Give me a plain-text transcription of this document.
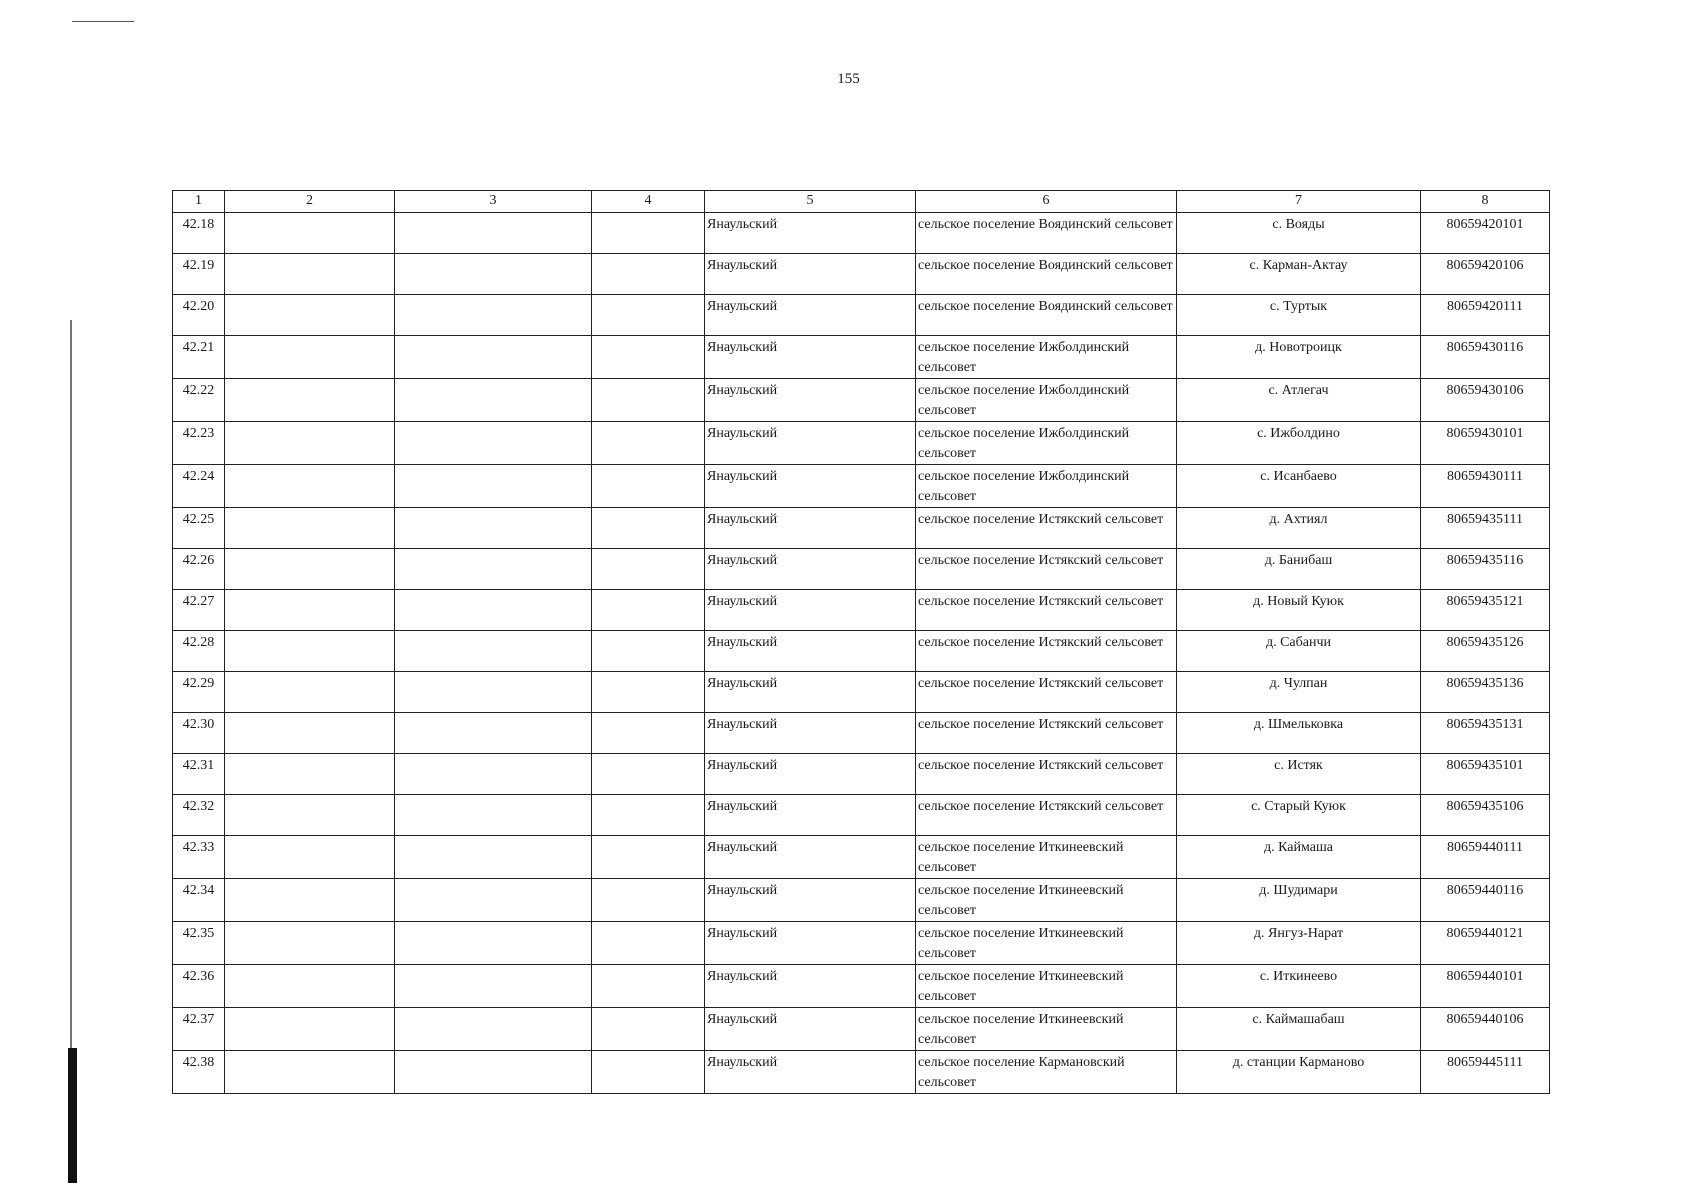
155
1	2	3	4	5	6	7	8

42.18				Янаульский	сельское поселение Воядинский сельсовет	с. Вояды	80659420101

42.19				Янаульский	сельское поселение Воядинский сельсовет	с. Карман-Актау	80659420106

42.20				Янаульский	сельское поселение Воядинский сельсовет	с. Туртык	80659420111

42.21				Янаульский	сельское поселение Ижболдинский сельсовет	д. Новотроицк	80659430116

42.22				Янаульский	сельское поселение Ижболдинский сельсовет	с. Атлегач	80659430106

42.23				Янаульский	сельское поселение Ижболдинский сельсовет	с. Ижболдино	80659430101

42.24				Янаульский	сельское поселение Ижболдинский сельсовет	с. Исанбаево	80659430111

42.25				Янаульский	сельское поселение Истякский сельсовет	д. Ахтиял	80659435111

42.26				Янаульский	сельское поселение Истякский сельсовет	д. Банибаш	80659435116

42.27				Янаульский	сельское поселение Истякский сельсовет	д. Новый Куюк	80659435121

42.28				Янаульский	сельское поселение Истякский сельсовет	д. Сабанчи	80659435126

42.29				Янаульский	сельское поселение Истякский сельсовет	д. Чулпан	80659435136

42.30				Янаульский	сельское поселение Истякский сельсовет	д. Шмельковка	80659435131

42.31				Янаульский	сельское поселение Истякский сельсовет	с. Истяк	80659435101

42.32				Янаульский	сельское поселение Истякский сельсовет	с. Старый Куюк	80659435106

42.33				Янаульский	сельское поселение Иткинеевский сельсовет	д. Каймаша	80659440111

42.34				Янаульский	сельское поселение Иткинеевский сельсовет	д. Шудимари	80659440116

42.35				Янаульский	сельское поселение Иткинеевский сельсовет	д. Янгуз-Нарат	80659440121

42.36				Янаульский	сельское поселение Иткинеевский сельсовет	с. Иткинеево	80659440101

42.37				Янаульский	сельское поселение Иткинеевский сельсовет	с. Каймашабаш	80659440106

42.38				Янаульский	сельское поселение Кармановский сельсовет	д. станции Карманово	80659445111
